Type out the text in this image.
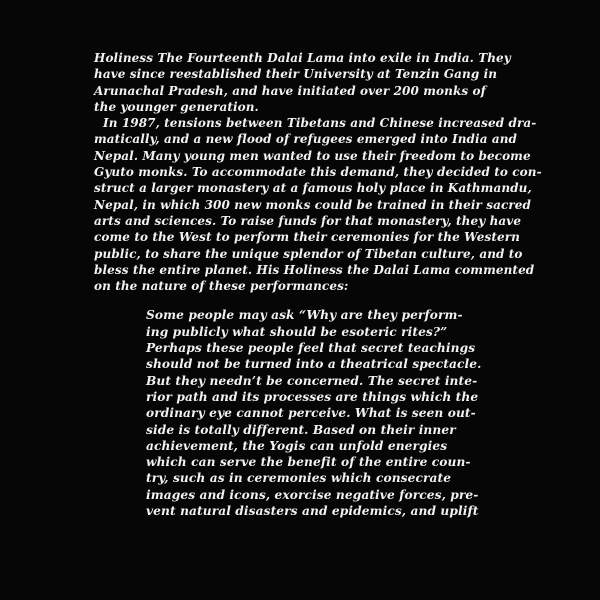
Holiness The Fourteenth Dalai Lama into exile in India. They
have since reestablished their University at Tenzin Gang in
Arunachal Pradesh, and have initiated over 200 monks of
the younger generation.
In 1987, tensions between Tibetans and Chinese increased dra-
matically, and a new flood of refugees emerged into India and
Nepal. Many young men wanted to use their freedom to become
Gyuto monks. To accommodate this demand, they decided to con-
struct a larger monastery at a famous holy place in Kathmandu,
Nepal, in which 300 new monks could be trained in their sacred
arts and sciences. To raise funds for that monastery, they have
come to the West to perform their ceremonies for the Western
public, to share the unique splendor of Tibetan culture, and to
bless the entire planet. His Holiness the Dalai Lama commented
on the nature of these performances:
Some people may ask “Why are they perform-
ing publicly what should be esoteric rites?”
Perhaps these people feel that secret teachings
should not be turned into a theatrical spectacle.
But they needn’t be concerned. The secret inte-
rior path and its processes are things which the
ordinary eye cannot perceive. What is seen out-
side is totally different. Based on their inner
achievement, the Yogis can unfold energies
which can serve the benefit of the entire coun-
try, such as in ceremonies which consecrate
images and icons, exorcise negative forces, pre-
vent natural disasters and epidemics, and uplift
